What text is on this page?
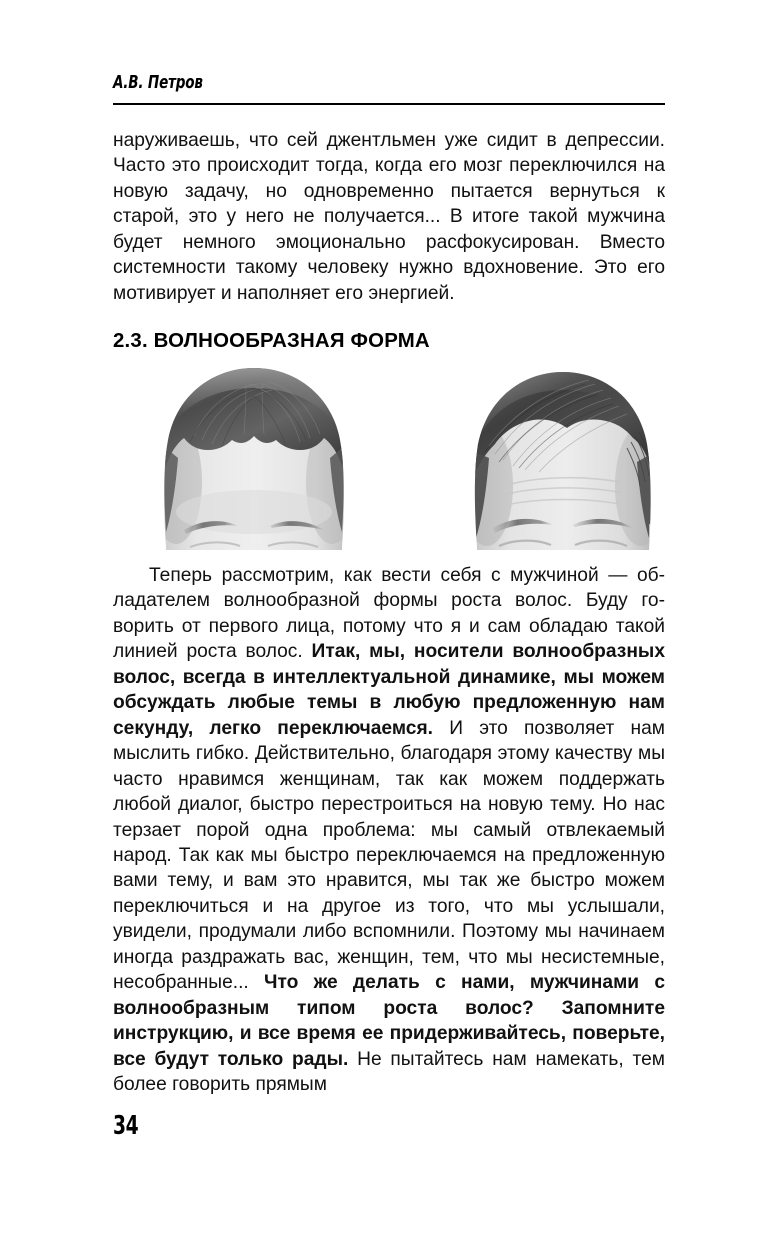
А.В. Петров

наруживаешь, что сей джентльмен уже сидит в депрессии. Часто это происходит тогда, когда его мозг переключился на новую задачу, но одновременно пытается вернуться к старой, это у него не получается... В итоге такой мужчина будет немного эмоционально расфокусирован. Вместо системности такому человеку нужно вдохновение. Это его мотивирует и наполняет его энергией.

2.3. ВОЛНООБРАЗНАЯ ФОРМА

Теперь рассмотрим, как вести себя с мужчиной — обладателем волнообразной формы роста волос. Буду говорить от первого лица, потому что я и сам обладаю такой линией роста волос. Итак, мы, носители волнообразных волос, всегда в интеллектуальной динамике, мы можем обсуждать любые темы в любую предложенную нам секунду, легко переключаемся. И это позволяет нам мыслить гибко. Действительно, благодаря этому качеству мы часто нравимся женщинам, так как можем поддержать любой диалог, быстро перестроиться на новую тему. Но нас терзает порой одна проблема: мы самый отвлекаемый народ. Так как мы быстро переключаемся на предложенную вами тему, и вам это нравится, мы так же быстро можем переключиться и на другое из того, что мы услышали, увидели, продумали либо вспомнили. Поэтому мы начинаем иногда раздражать вас, женщин, тем, что мы несистемные, несобранные... Что же делать с нами, мужчинами с волнообразным типом роста волос? Запомните инструкцию, и все время ее придерживайтесь, поверьте, все будут только рады. Не пытайтесь нам намекать, тем более говорить прямым

34
